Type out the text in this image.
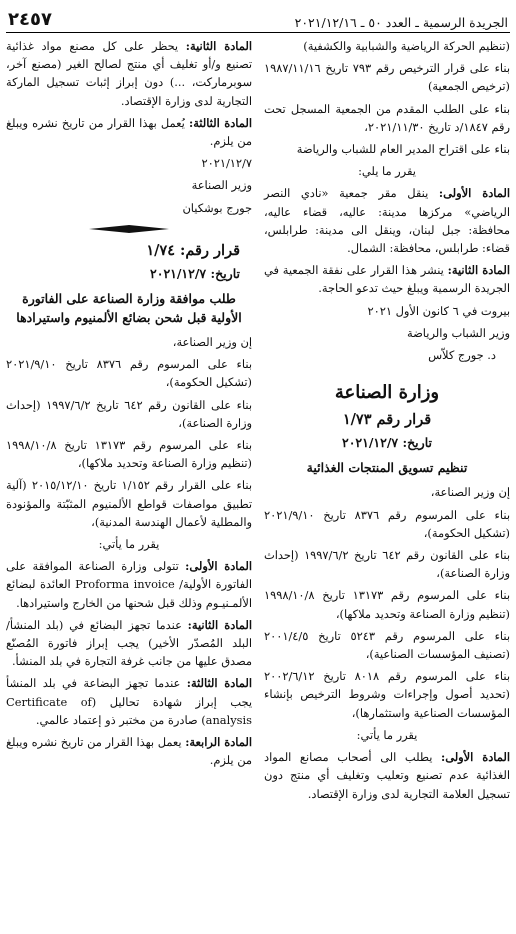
الجريدة الرسمية ـ العدد ٥٠ ـ ٢٠٢١/١٢/١٦
٢٤٥٧

(تنظيم الحركة الرياضية والشبابية والكشفية)

بناء على قرار الترخيص رقم ٧٩٣ تاريخ ١٩٨٧/١١/١٦ (ترخيص الجمعية)

بناء على الطلب المقدم من الجمعية المسجل تحت رقم ١٨٤٧/د تاريخ ٢٠٢١/١١/٣٠،

بناء على اقتراح المدير العام للشباب والرياضة

يقرر ما يلي:

المادة الأولى: ينقل مقر جمعية «نادي النصر الرياضي» مركزها مدينة: عاليه، قضاء عاليه، محافظة: جبل لبنان، وينقل الى مدينة: طرابلس، قضاء: طرابلس، محافظة: الشمال.

المادة الثانية: ينشر هذا القرار على نفقة الجمعية في الجريدة الرسمية ويبلغ حيث تدعو الحاجة.

بيروت في ٦ كانون الأول ٢٠٢١

وزير الشباب والرياضة

د. جورج كلاّس

وزارة الصناعة

قرار رقم ١/٧٣

تاريخ: ٢٠٢١/١٢/٧

تنظيم تسويق المنتجات الغذائية

إن وزير الصناعة،

بناء على المرسوم رقم ٨٣٧٦ تاريخ ٢٠٢١/٩/١٠ (تشكيل الحكومة)،

بناء على القانون رقم ٦٤٢ تاريخ ١٩٩٧/٦/٢ (إحداث وزارة الصناعة)،

بناء على المرسوم رقم ١٣١٧٣ تاريخ ١٩٩٨/١٠/٨ (تنظيم وزارة الصناعة وتحديد ملاكها)،

بناء على المرسوم رقم ٥٢٤٣ تاريخ ٢٠٠١/٤/٥ (تصنيف المؤسسات الصناعية)،

بناء على المرسوم رقم ٨٠١٨ تاريخ ٢٠٠٢/٦/١٢ (تحديد أصول وإجراءات وشروط الترخيص بإنشاء المؤسسات الصناعية واستثمارها)،

يقرر ما يأتي:

المادة الأولى: يطلب الى أصحاب مصانع المواد الغذائية عدم تصنيع وتعليب وتغليف أي منتج دون تسجيل العلامة التجارية لدى وزارة الإقتصاد.

المادة الثانية: يحظر على كل مصنع مواد غذائية تصنيع و/أو تغليف أي منتج لصالح الغير (مصنع آخر، سوبرماركت، ...) دون إبراز إثبات تسجيل الماركة التجارية لدى وزارة الإقتصاد.

المادة الثالثة: يُعمل بهذا القرار من تاريخ نشره ويبلغ من يلزم.

٢٠٢١/١٢/٧

وزير الصناعة

جورج بوشكيان

قرار رقم: ١/٧٤

تاريخ: ٢٠٢١/١٢/٧

طلب موافقة وزارة الصناعة على الفاتورة الأولية قبل شحن بضائع الألمنيوم واستيرادها

إن وزير الصناعة،

بناء على المرسوم رقم ٨٣٧٦ تاريخ ٢٠٢١/٩/١٠ (تشكيل الحكومة)،

بناء على القانون رقم ٦٤٢ تاريخ ١٩٩٧/٦/٢ (إحداث وزارة الصناعة)،

بناء على المرسوم رقم ١٣١٧٣ تاريخ ١٩٩٨/١٠/٨ (تنظيم وزارة الصناعة وتحديد ملاكها)،

بناء على القرار رقم ١/١٥٢ تاريخ ٢٠١٥/١٢/١٠ (آلية تطبيق مواصفات قواطع الألمنيوم المثبّتة والمؤنودة والمطلية لأعمال الهندسة المدنية)،

يقرر ما يأتي:

المادة الأولى: تتولى وزارة الصناعة الموافقة على الفاتورة الأولية/ Proforma invoice العائدة لبضائع الألمـنيـوم وذلك قبل شحنها من الخارج واستيرادها.

المادة الثانية: عندما تجهز البضائع في (بلد المنشأ/ البلد المُصدّر الأخير) يجب إبراز فاتورة المُصنّع مصدق عليها من جانب غرفة التجارة في بلد المنشأ.

المادة الثالثة: عندما تجهز البضاعة في بلد المنشأ يجب إبراز شهادة تحاليل (Certificate of analysis) صادرة من مختبر ذو إعتماد عالمي.

المادة الرابعة: يعمل بهذا القرار من تاريخ نشره ويبلغ من يلزم.
